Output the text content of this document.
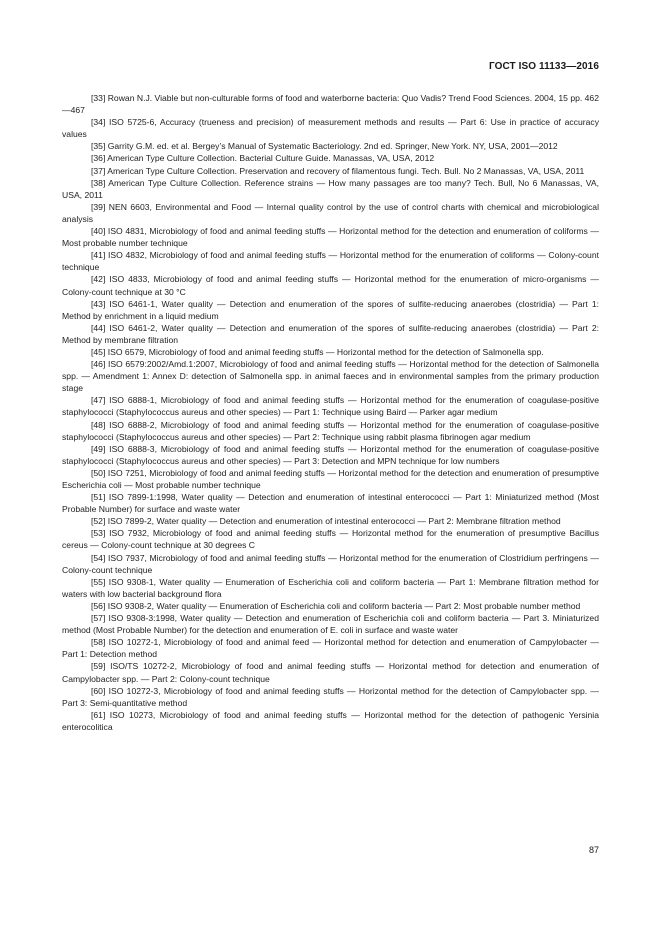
ГОСТ ISO 11133—2016

[33] Rowan N.J. Viable but non-culturable forms of food and waterborne bacteria: Quo Vadis? Trend Food Sciences. 2004, 15 pp. 462—467

[34] ISO 5725-6, Accuracy (trueness and precision) of measurement methods and results — Part 6: Use in practice of accuracy values

[35] Garrity G.M. ed. et al. Bergey’s Manual of Systematic Bacteriology. 2nd ed. Springer, New York. NY, USA, 2001—2012

[36] American Type Culture Collection. Bacterial Culture Guide. Manassas, VA, USA, 2012

[37] American Type Culture Collection. Preservation and recovery of filamentous fungi. Tech. Bull. No 2 Manassas, VA, USA, 2011

[38] American Type Culture Collection. Reference strains — How many passages are too many? Tech. Bull, No 6 Manassas, VA, USA, 2011

[39] NEN 6603, Environmental and Food — Internal quality control by the use of control charts with chemical and microbiological analysis

[40] ISO 4831, Microbiology of food and animal feeding stuffs — Horizontal method for the detection and enumeration of coliforms — Most probable number technique

[41] ISO 4832, Microbiology of food and animal feeding stuffs — Horizontal method for the enumeration of coliforms — Colony-count technique

[42] ISO 4833, Microbiology of food and animal feeding stuffs — Horizontal method for the enumeration of micro-organisms — Colony-count technique at 30 °C

[43] ISO 6461-1, Water quality — Detection and enumeration of the spores of sulfite-reducing anaerobes (clostridia) — Part 1: Method by enrichment in a liquid medium

[44] ISO 6461-2, Water quality — Detection and enumeration of the spores of sulfite-reducing anaerobes (clostridia) — Part 2: Method by membrane filtration

[45] ISO 6579, Microbiology of food and animal feeding stuffs — Horizontal method for the detection of Salmonella spp.

[46] ISO 6579:2002/Amd.1:2007, Microbiology of food and animal feeding stuffs — Horizontal method for the detection of Salmonella spp. — Amendment 1: Annex D: detection of Salmonella spp. in animal faeces and in environmental samples from the primary production stage

[47] ISO 6888-1, Microbiology of food and animal feeding stuffs — Horizontal method for the enumeration of coagulase-positive staphylococci (Staphylococcus aureus and other species) — Part 1: Technique using Baird — Parker agar medium

[48] ISO 6888-2, Microbiology of food and animal feeding stuffs — Horizontal method for the enumeration of coagulase-positive staphylococci (Staphylococcus aureus and other species) — Part 2: Technique using rabbit plasma fibrinogen agar medium

[49] ISO 6888-3, Microbiology of food and animal feeding stuffs — Horizontal method for the enumeration of coagulase-positive staphylococci (Staphylococcus aureus and other species) — Part 3: Detection and MPN technique for low numbers

[50] ISO 7251, Microbiology of food and animal feeding stuffs — Horizontal method for the detection and enumeration of presumptive Escherichia coli — Most probable number technique

[51] ISO 7899-1:1998, Water quality — Detection and enumeration of intestinal enterococci — Part 1: Miniaturized method (Most Probable Number) for surface and waste water

[52] ISO 7899-2, Water quality — Detection and enumeration of intestinal enterococci — Part 2: Membrane filtration method

[53] ISO 7932, Microbiology of food and animal feeding stuffs — Horizontal method for the enumeration of presumptive Bacillus cereus — Colony-count technique at 30 degrees C

[54] ISO 7937, Microbiology of food and animal feeding stuffs — Horizontal method for the enumeration of Clostridium perfringens — Colony-count technique

[55] ISO 9308-1, Water quality — Enumeration of Escherichia coli and coliform bacteria — Part 1: Membrane filtration method for waters with low bacterial background flora

[56] ISO 9308-2, Water quality — Enumeration of Escherichia coli and coliform bacteria — Part 2: Most probable number method

[57] ISO 9308-3:1998, Water quality — Detection and enumeration of Escherichia coli and coliform bacteria — Part 3. Miniaturized method (Most Probable Number) for the detection and enumeration of E. coli in surface and waste water

[58] ISO 10272-1, Microbiology of food and animal feed — Horizontal method for detection and enumeration of Campylobacter — Part 1: Detection method

[59] ISO/TS 10272-2, Microbiology of food and animal feeding stuffs — Horizontal method for detection and enumeration of Campylobacter spp. — Part 2: Colony-count technique

[60] ISO 10272-3, Microbiology of food and animal feeding stuffs — Horizontal method for the detection of Campylobacter spp. — Part 3: Semi-quantitative method

[61] ISO 10273, Microbiology of food and animal feeding stuffs — Horizontal method for the detection of pathogenic Yersinia enterocolitica

87
